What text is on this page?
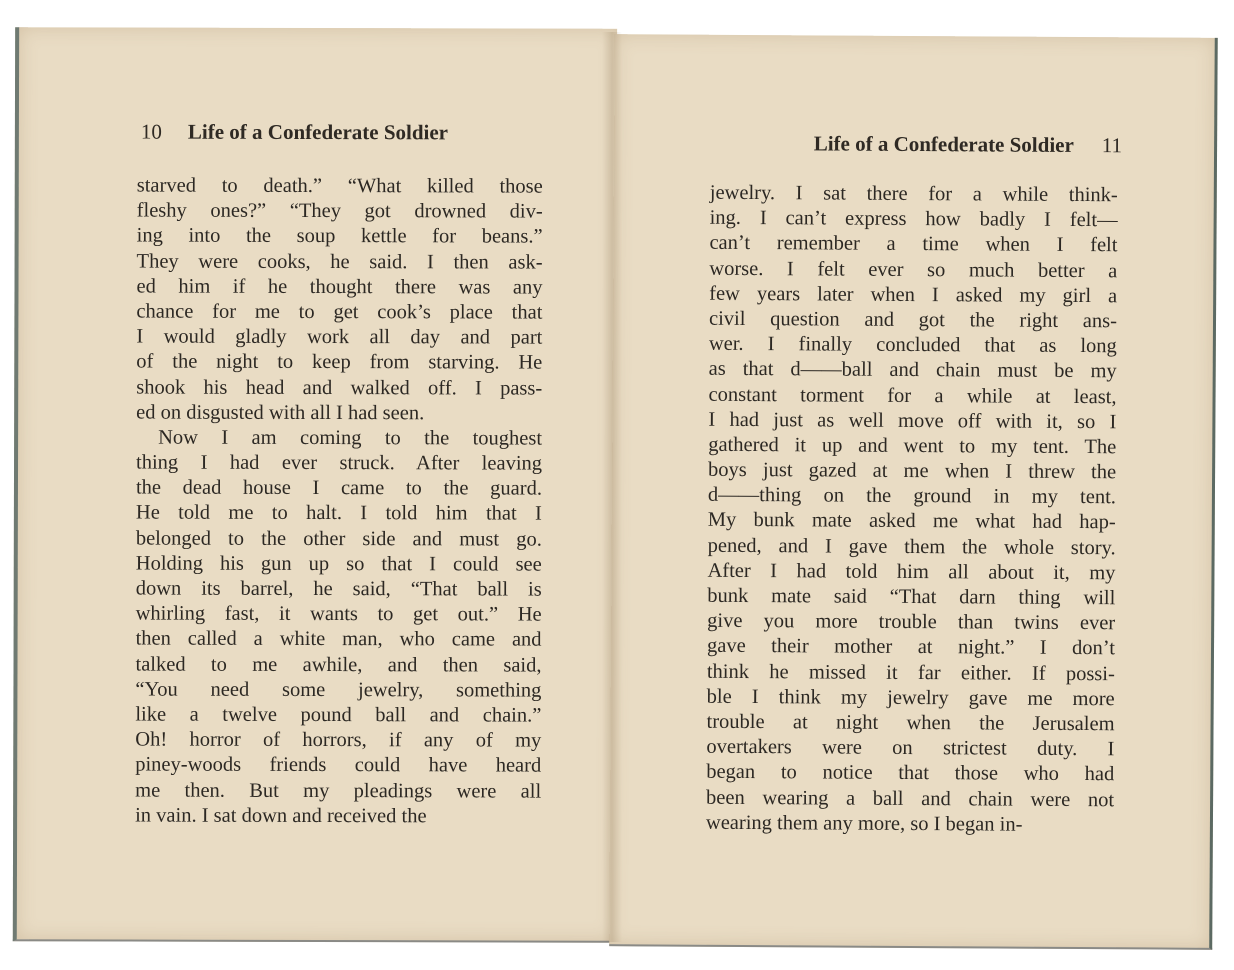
10 Life of a Confederate Soldier
starved to death.” “What killed those
fleshy ones?” “They got drowned div-
ing into the soup kettle for beans.”
They were cooks, he said. I then ask-
ed him if he thought there was any
chance for me to get cook’s place that
I would gladly work all day and part
of the night to keep from starving. He
shook his head and walked off. I pass-
ed on disgusted with all I had seen.
Now I am coming to the toughest
thing I had ever struck. After leaving
the dead house I came to the guard.
He told me to halt. I told him that I
belonged to the other side and must go.
Holding his gun up so that I could see
down its barrel, he said, “That ball is
whirling fast, it wants to get out.” He
then called a white man, who came and
talked to me awhile, and then said,
“You need some jewelry, something
like a twelve pound ball and chain.”
Oh! horror of horrors, if any of my
piney-woods friends could have heard
me then. But my pleadings were all
in vain. I sat down and received the
Life of a Confederate Soldier 11
jewelry. I sat there for a while think-
ing. I can’t express how badly I felt—
can’t remember a time when I felt
worse. I felt ever so much better a
few years later when I asked my girl a
civil question and got the right ans-
wer. I finally concluded that as long
as that d——ball and chain must be my
constant torment for a while at least,
I had just as well move off with it, so I
gathered it up and went to my tent. The
boys just gazed at me when I threw the
d——thing on the ground in my tent.
My bunk mate asked me what had hap-
pened, and I gave them the whole story.
After I had told him all about it, my
bunk mate said “That darn thing will
give you more trouble than twins ever
gave their mother at night.” I don’t
think he missed it far either. If possi-
ble I think my jewelry gave me more
trouble at night when the Jerusalem
overtakers were on strictest duty. I
began to notice that those who had
been wearing a ball and chain were not
wearing them any more, so I began in-
